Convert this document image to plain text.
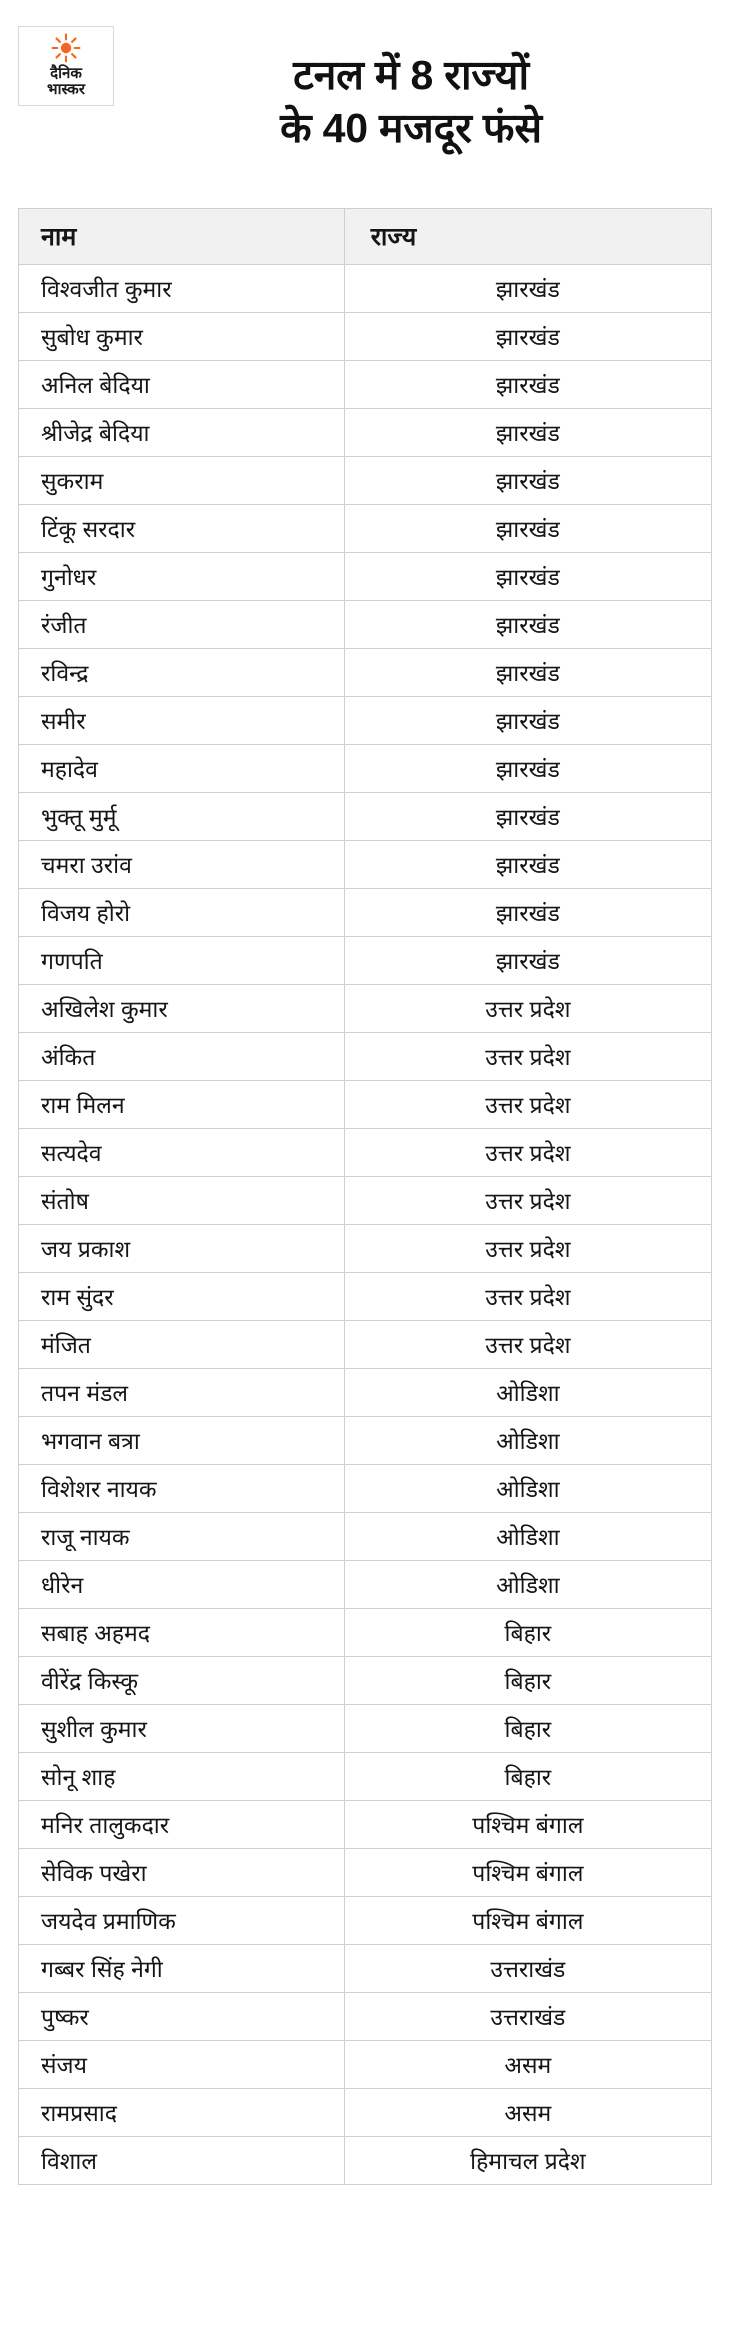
दैनिक
भास्कर	टनल में 8 राज्यों
के 40 मजदूर फंसे
नाम	राज्य
विश्वजीत कुमार	झारखंड
सुबोध कुमार	झारखंड
अनिल बेदिया	झारखंड
श्रीजेद्र बेदिया	झारखंड
सुकराम	झारखंड
टिंकू सरदार	झारखंड
गुनोधर	झारखंड
रंजीत	झारखंड
रविन्द्र	झारखंड
समीर	झारखंड
महादेव	झारखंड
भुक्तू मुर्मू	झारखंड
चमरा उरांव	झारखंड
विजय होरो	झारखंड
गणपति	झारखंड
अखिलेश कुमार	उत्तर प्रदेश
अंकित	उत्तर प्रदेश
राम मिलन	उत्तर प्रदेश
सत्यदेव	उत्तर प्रदेश
संतोष	उत्तर प्रदेश
जय प्रकाश	उत्तर प्रदेश
राम सुंदर	उत्तर प्रदेश
मंजित	उत्तर प्रदेश
तपन मंडल	ओडिशा
भगवान बत्रा	ओडिशा
विशेशर नायक	ओडिशा
राजू नायक	ओडिशा
धीरेन	ओडिशा
सबाह अहमद	बिहार
वीरेंद्र किस्कू	बिहार
सुशील कुमार	बिहार
सोनू शाह	बिहार
मनिर तालुकदार	पश्चिम बंगाल
सेविक पखेरा	पश्चिम बंगाल
जयदेव प्रमाणिक	पश्चिम बंगाल
गब्बर सिंह नेगी	उत्तराखंड
पुष्कर	उत्तराखंड
संजय	असम
रामप्रसाद	असम
विशाल	हिमाचल प्रदेश
